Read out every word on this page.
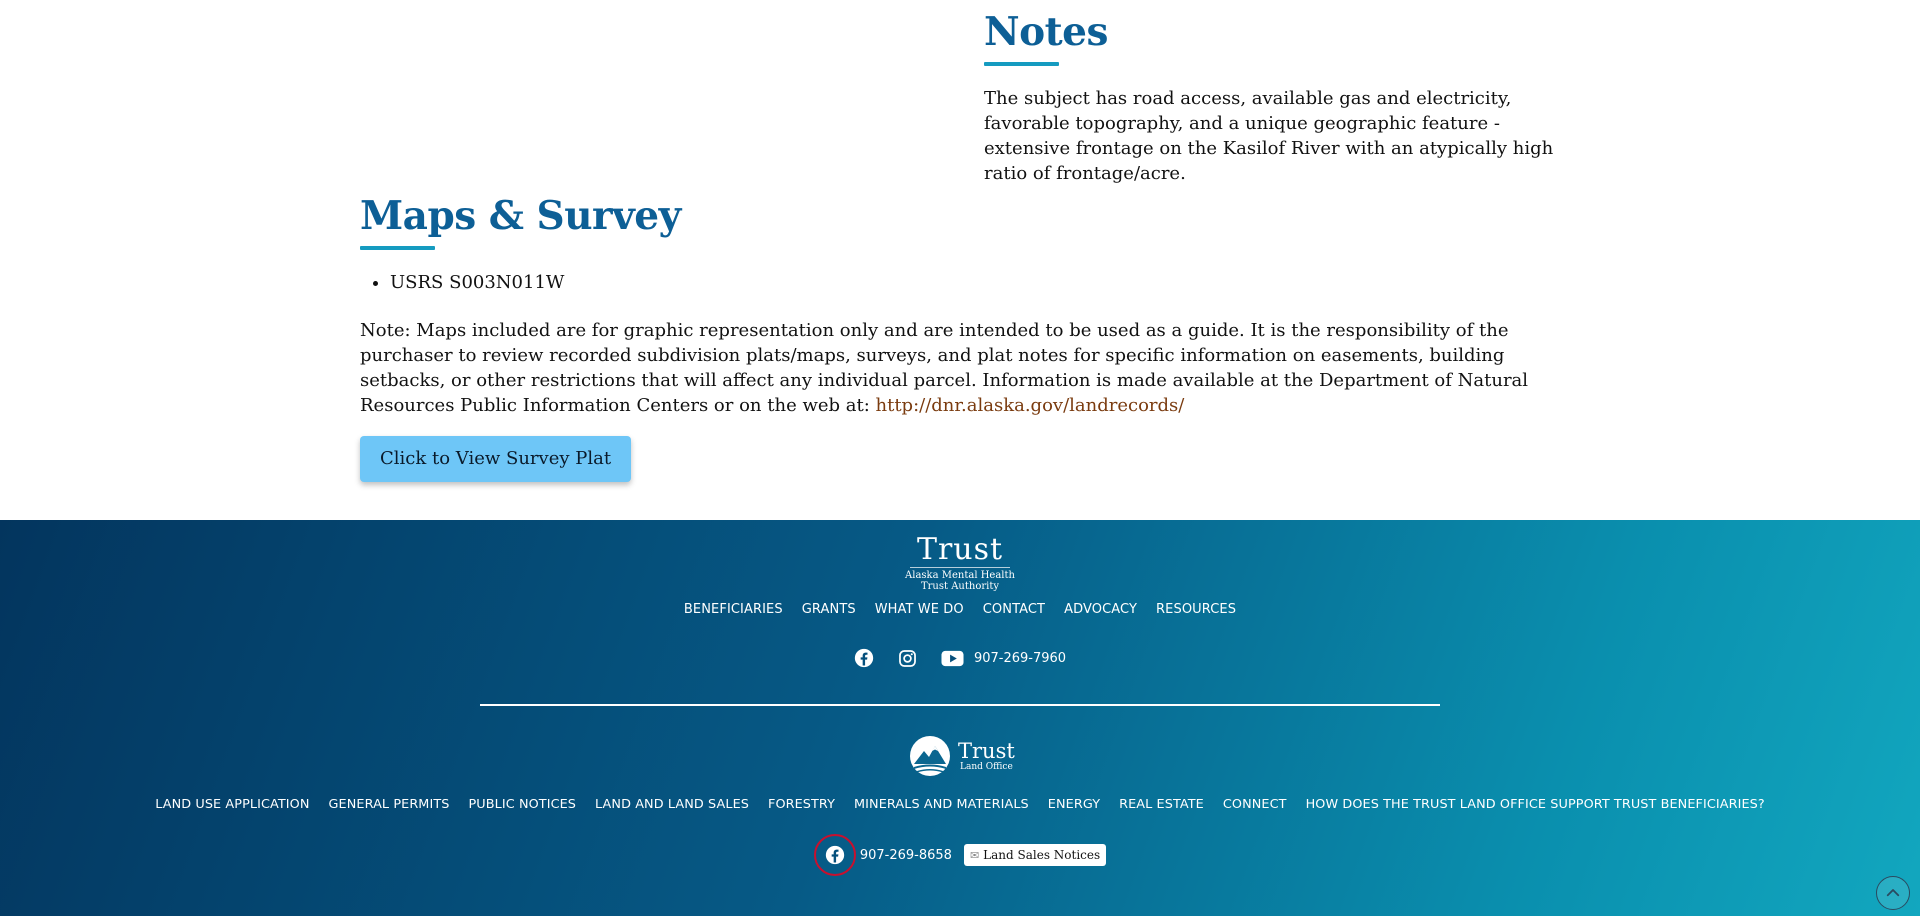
Notes

The subject has road access, available gas and electricity, favorable topography, and a unique geographic feature - extensive frontage on the Kasilof River with an atypically high ratio of frontage/acre.

Maps & Survey
• USRS S003N011W

Note: Maps included are for graphic representation only and are intended to be used as a guide. It is the responsibility of the purchaser to review recorded subdivision plats/maps, surveys, and plat notes for specific information on easements, building setbacks, or other restrictions that will affect any individual parcel. Information is made available at the Department of Natural Resources Public Information Centers or on the web at: http://dnr.alaska.gov/landrecords/

Click to View Survey Plat
Trust
Alaska Mental Health
Trust Authority
BENEFICIARIES GRANTS WHAT WE DO CONTACT ADVOCACY RESOURCES
907-269-7960
Trust
Land Office
LAND USE APPLICATION GENERAL PERMITS PUBLIC NOTICES LAND AND LAND SALES FORESTRY MINERALS AND MATERIALS ENERGY REAL ESTATE CONNECT HOW DOES THE TRUST LAND OFFICE SUPPORT TRUST BENEFICIARIES?
907-269-8658 ✉ Land Sales Notices
